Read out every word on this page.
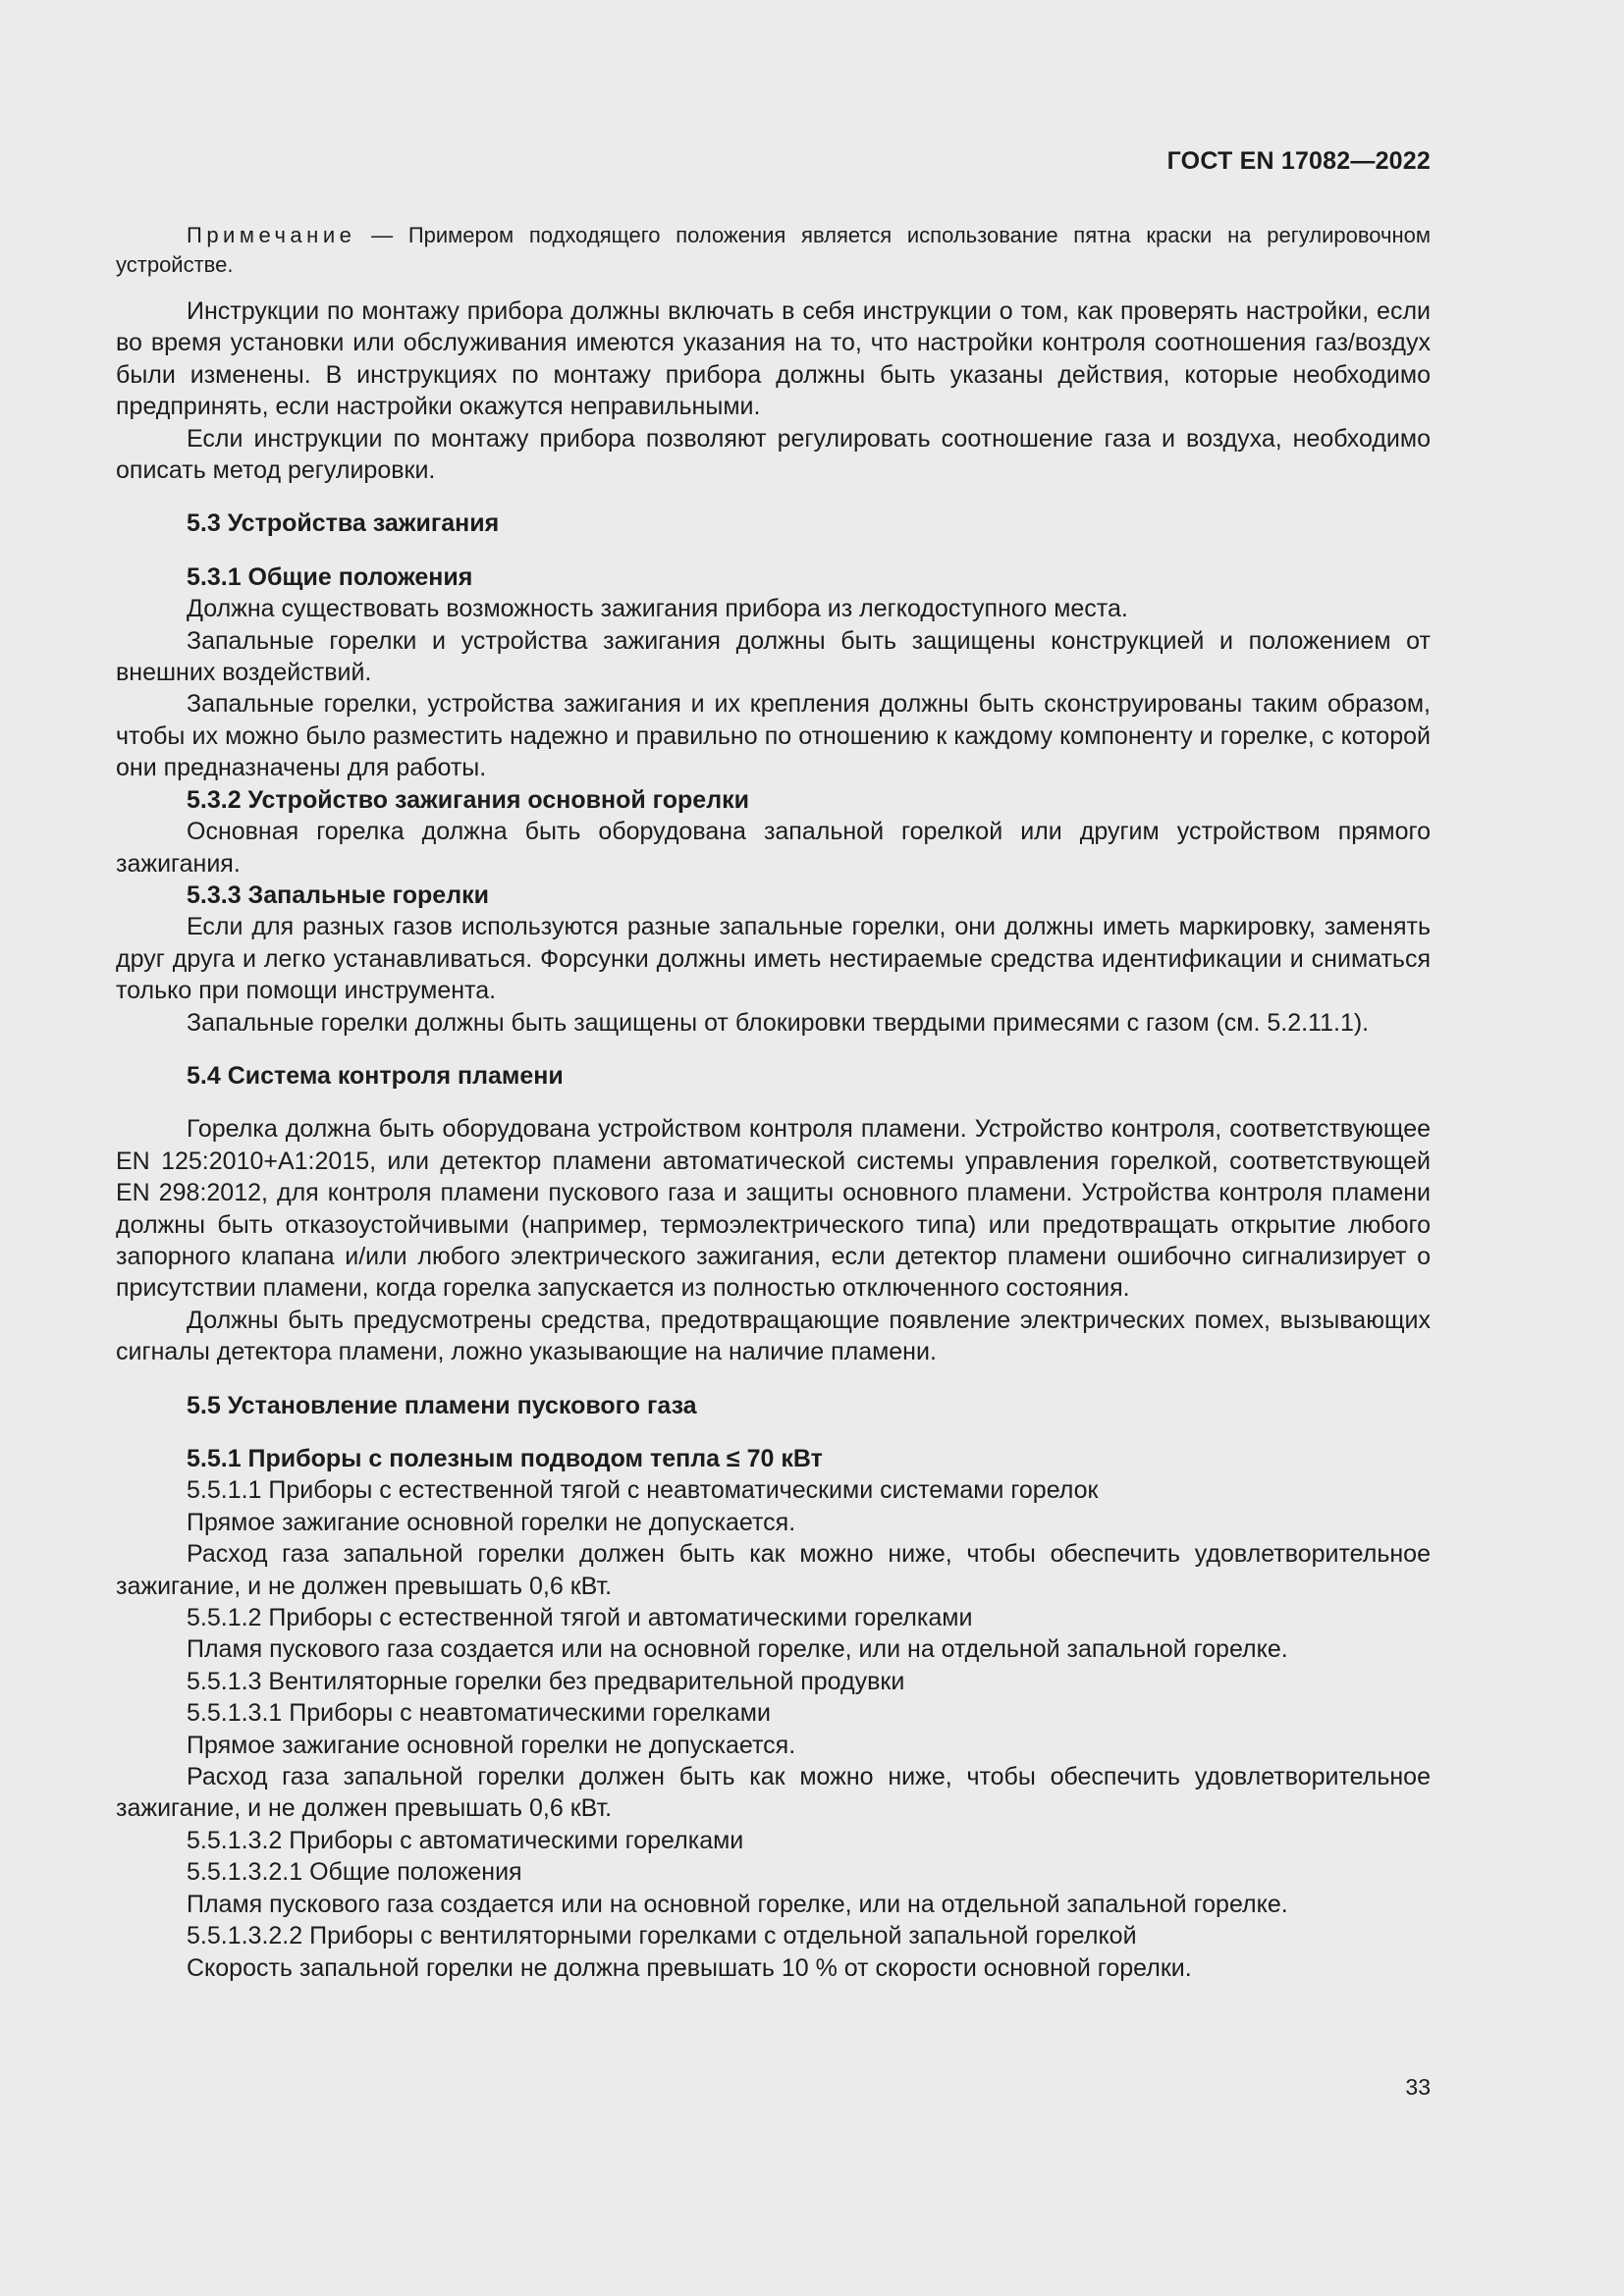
ГОСТ EN 17082—2022

Примечание — Примером подходящего положения является использование пятна краски на регулировочном устройстве.

Инструкции по монтажу прибора должны включать в себя инструкции о том, как проверять настройки, если во время установки или обслуживания имеются указания на то, что настройки контроля соотношения газ/воздух были изменены. В инструкциях по монтажу прибора должны быть указаны действия, которые необходимо предпринять, если настройки окажутся неправильными.

Если инструкции по монтажу прибора позволяют регулировать соотношение газа и воздуха, необходимо описать метод регулировки.

5.3 Устройства зажигания

5.3.1 Общие положения

Должна существовать возможность зажигания прибора из легкодоступного места.

Запальные горелки и устройства зажигания должны быть защищены конструкцией и положением от внешних воздействий.

Запальные горелки, устройства зажигания и их крепления должны быть сконструированы таким образом, чтобы их можно было разместить надежно и правильно по отношению к каждому компоненту и горелке, с которой они предназначены для работы.

5.3.2 Устройство зажигания основной горелки

Основная горелка должна быть оборудована запальной горелкой или другим устройством прямого зажигания.

5.3.3 Запальные горелки

Если для разных газов используются разные запальные горелки, они должны иметь маркировку, заменять друг друга и легко устанавливаться. Форсунки должны иметь нестираемые средства идентификации и сниматься только при помощи инструмента.

Запальные горелки должны быть защищены от блокировки твердыми примесями с газом (см. 5.2.11.1).

5.4 Система контроля пламени

Горелка должна быть оборудована устройством контроля пламени. Устройство контроля, соответствующее EN 125:2010+A1:2015, или детектор пламени автоматической системы управления горелкой, соответствующей EN 298:2012, для контроля пламени пускового газа и защиты основного пламени. Устройства контроля пламени должны быть отказоустойчивыми (например, термоэлектрического типа) или предотвращать открытие любого запорного клапана и/или любого электрического зажигания, если детектор пламени ошибочно сигнализирует о присутствии пламени, когда горелка запускается из полностью отключенного состояния.

Должны быть предусмотрены средства, предотвращающие появление электрических помех, вызывающих сигналы детектора пламени, ложно указывающие на наличие пламени.

5.5 Установление пламени пускового газа

5.5.1 Приборы с полезным подводом тепла ≤ 70 кВт

5.5.1.1 Приборы с естественной тягой с неавтоматическими системами горелок

Прямое зажигание основной горелки не допускается.

Расход газа запальной горелки должен быть как можно ниже, чтобы обеспечить удовлетворительное зажигание, и не должен превышать 0,6 кВт.

5.5.1.2 Приборы с естественной тягой и автоматическими горелками

Пламя пускового газа создается или на основной горелке, или на отдельной запальной горелке.

5.5.1.3 Вентиляторные горелки без предварительной продувки

5.5.1.3.1 Приборы с неавтоматическими горелками

Прямое зажигание основной горелки не допускается.

Расход газа запальной горелки должен быть как можно ниже, чтобы обеспечить удовлетворительное зажигание, и не должен превышать 0,6 кВт.

5.5.1.3.2 Приборы с автоматическими горелками

5.5.1.3.2.1 Общие положения

Пламя пускового газа создается или на основной горелке, или на отдельной запальной горелке.

5.5.1.3.2.2 Приборы с вентиляторными горелками с отдельной запальной горелкой

Скорость запальной горелки не должна превышать 10 % от скорости основной горелки.

33
